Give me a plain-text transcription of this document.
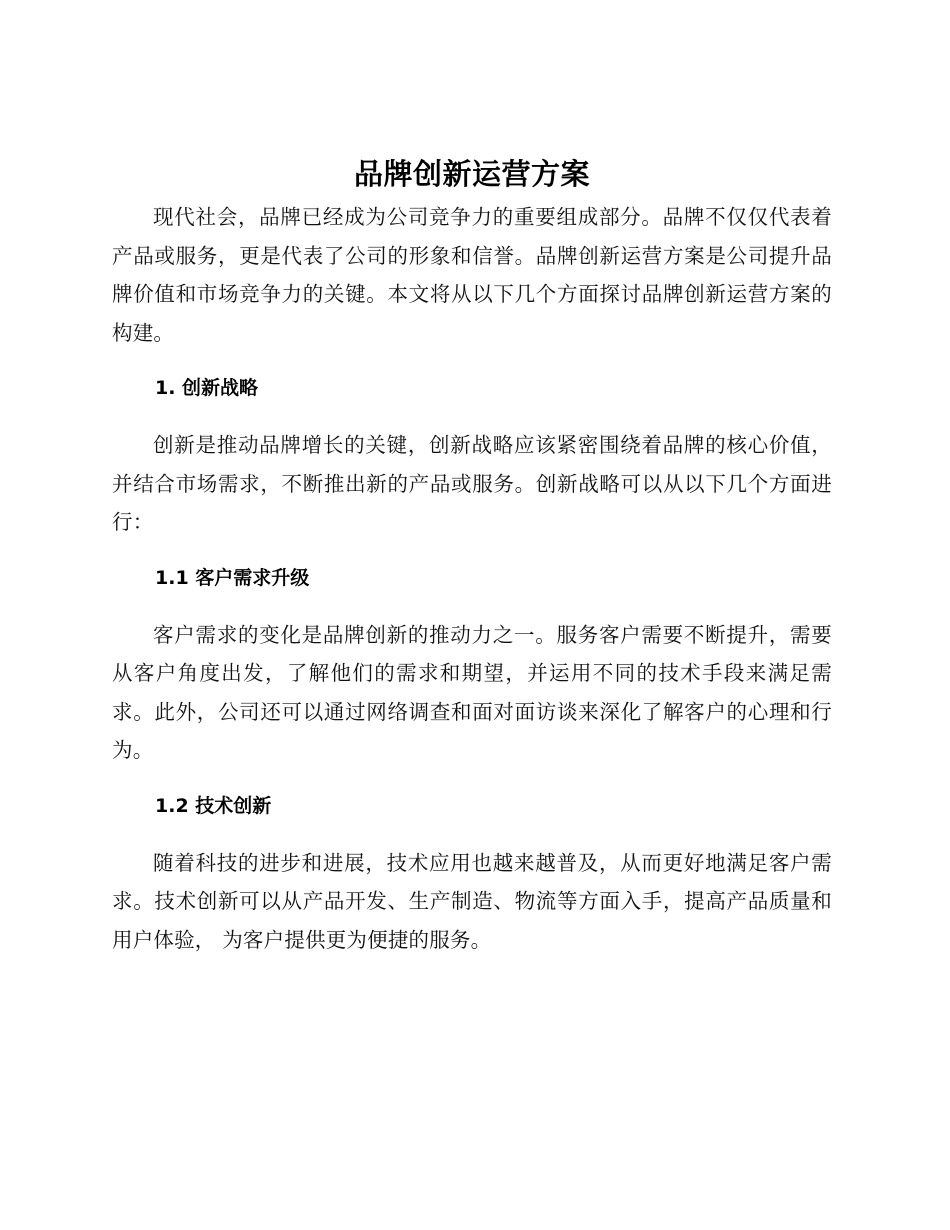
品牌创新运营方案

现代社会，品牌已经成为公司竞争力的重要组成部分。品牌不仅仅代表着产品或服务，更是代表了公司的形象和信誉。品牌创新运营方案是公司提升品牌价值和市场竞争力的关键。本文将从以下几个方面探讨品牌创新运营方案的构建。

1. 创新战略

创新是推动品牌增长的关键，创新战略应该紧密围绕着品牌的核心价值，并结合市场需求，不断推出新的产品或服务。创新战略可以从以下几个方面进行：

1.1 客户需求升级

客户需求的变化是品牌创新的推动力之一。服务客户需要不断提升，需要从客户角度出发，了解他们的需求和期望，并运用不同的技术手段来满足需求。此外，公司还可以通过网络调查和面对面访谈来深化了解客户的心理和行为。

1.2 技术创新

随着科技的进步和进展，技术应用也越来越普及，从而更好地满足客户需求。技术创新可以从产品开发、生产制造、物流等方面入手，提高产品质量和用户体验， 为客户提供更为便捷的服务。
